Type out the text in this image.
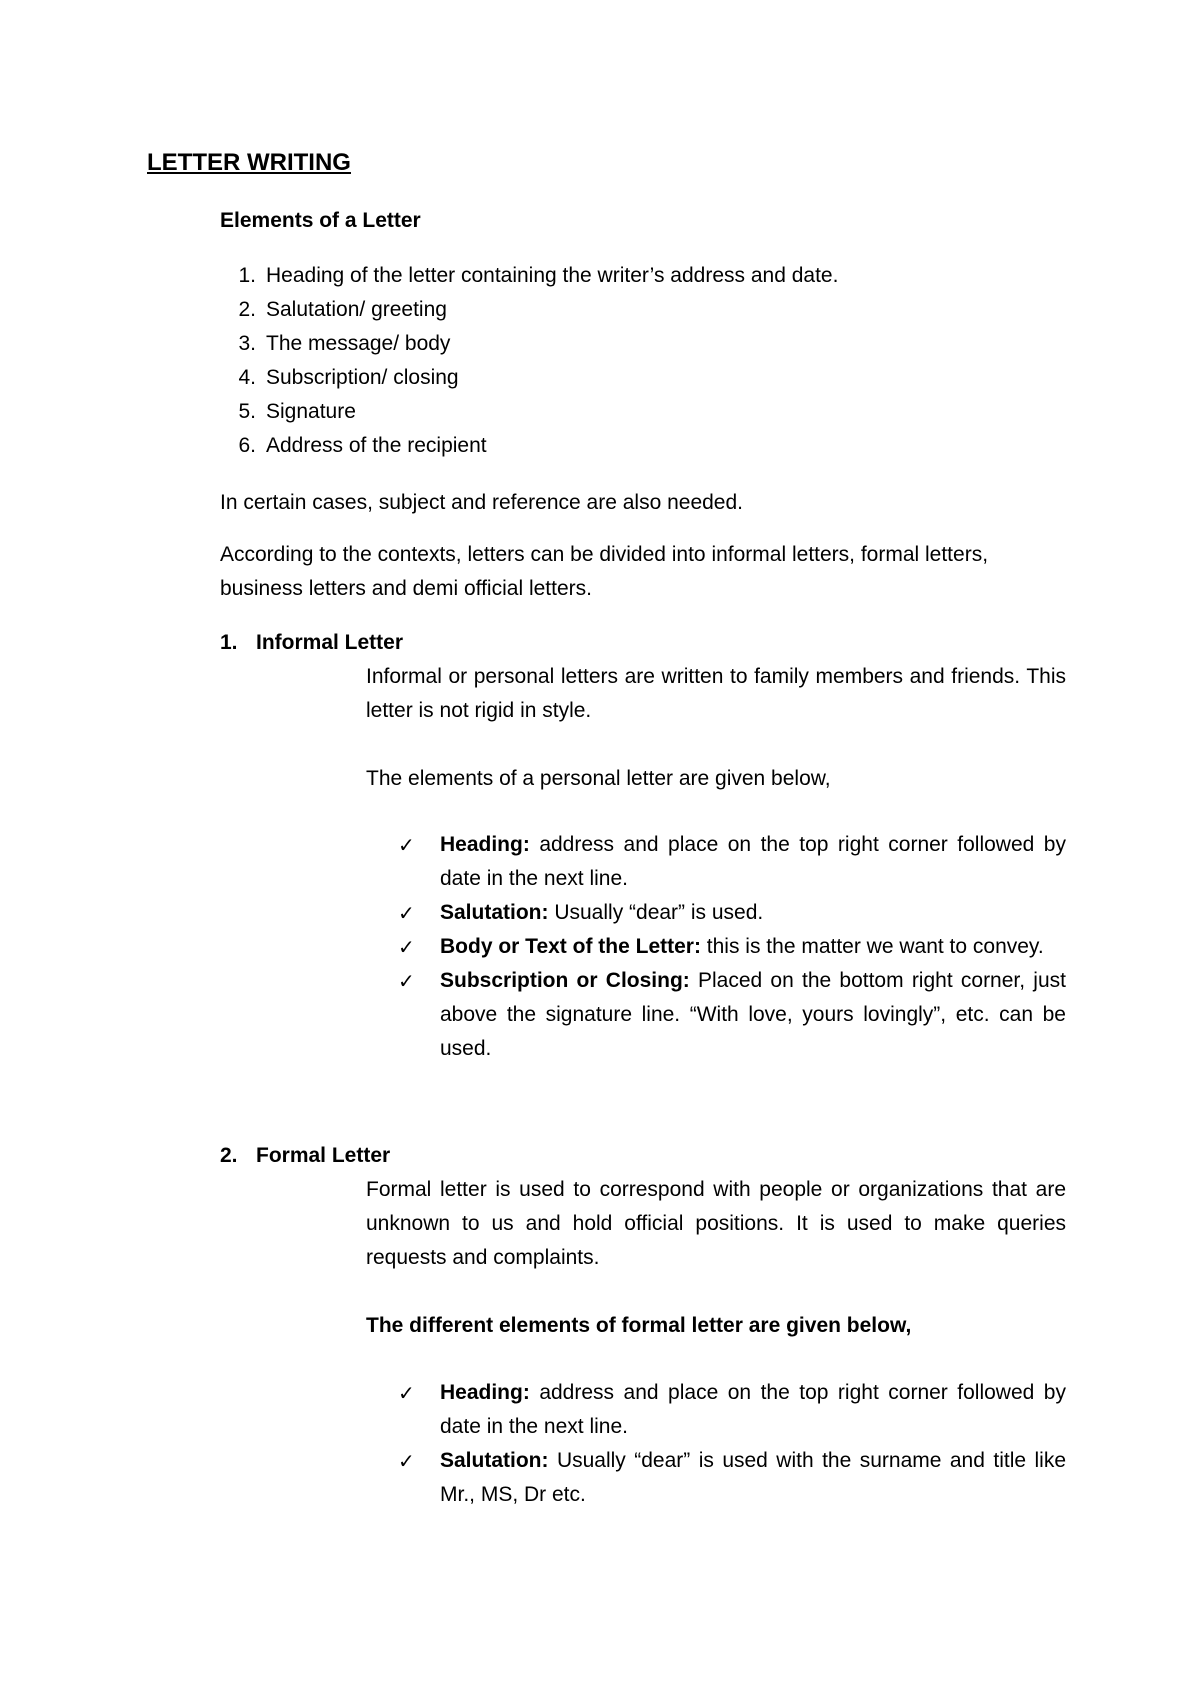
LETTER WRITING

Elements of a Letter

1. Heading of the letter containing the writer’s address and date.
2. Salutation/ greeting
3. The message/ body
4. Subscription/ closing
5. Signature
6. Address of the recipient

In certain cases, subject and reference are also needed.

According to the contexts, letters can be divided into informal letters, formal letters, business letters and demi official letters.

1. Informal Letter

Informal or personal letters are written to family members and friends. This letter is not rigid in style.

The elements of a personal letter are given below,

✓ Heading: address and place on the top right corner followed by date in the next line.
✓ Salutation: Usually “dear” is used.
✓ Body or Text of the Letter: this is the matter we want to convey.
✓ Subscription or Closing: Placed on the bottom right corner, just above the signature line. “With love, yours lovingly”, etc. can be used.

2. Formal Letter

Formal letter is used to correspond with people or organizations that are unknown to us and hold official positions. It is used to make queries requests and complaints.

The different elements of formal letter are given below,

✓ Heading: address and place on the top right corner followed by date in the next line.
✓ Salutation: Usually “dear” is used with the surname and title like Mr., MS, Dr etc.
